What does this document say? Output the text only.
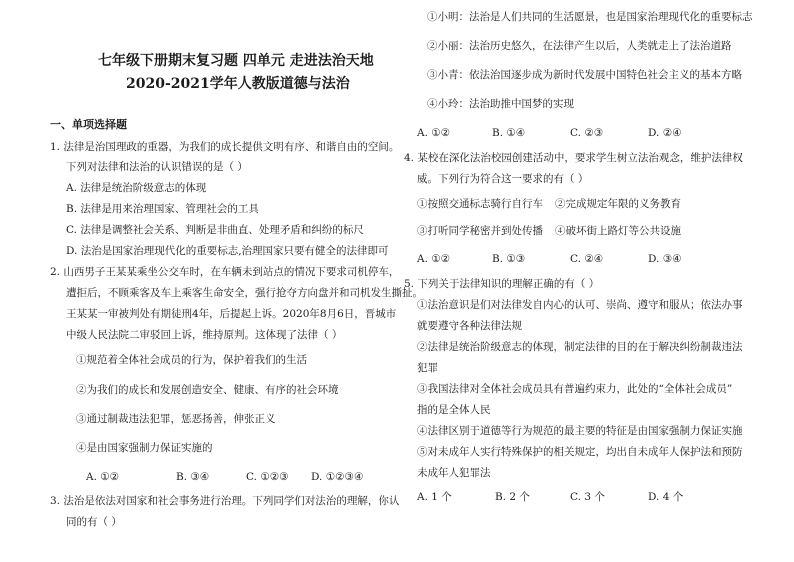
七年级下册期末复习题 四单元 走进法治天地
2020-2021学年人教版道德与法治
一、单项选择题
1. 法律是治国理政的重器，为我们的成长提供文明有序、和谐自由的空间。
下列对法律和法治的认识错误的是（ ）
A. 法律是统治阶级意志的体现
B. 法律是用来治理国家、管理社会的工具
C. 法律是调整社会关系、判断是非曲直、处理矛盾和纠纷的标尺
D. 法治是国家治理现代化的重要标志,治理国家只要有健全的法律即可
2. 山西男子王某某乘坐公交车时，在车辆未到站点的情况下要求司机停车，
遭拒后，不顾乘客及车上乘客生命安全，强行抢夺方向盘并和司机发生撕扯。
王某某一审被判处有期徒刑4年，后提起上诉。2020年8月6日，晋城市
中级人民法院二审驳回上诉，维持原判。这体现了法律（ ）
①规范着全体社会成员的行为，保护着我们的生活
②为我们的成长和发展创造安全、健康、有序的社会环境
③通过制裁违法犯罪，惩恶扬善，伸张正义
④是由国家强制力保证实施的
A. ①②	B. ③④	C. ①②③ D. ①②③④
3. 法治是依法对国家和社会事务进行治理。下列同学们对法治的理解，你认
同的有（ ）
①小明：法治是人们共同的生活愿景，也是国家治理现代化的重要标志
②小丽：法治历史悠久，在法律产生以后，人类就走上了法治道路
③小青：依法治国逐步成为新时代发展中国特色社会主义的基本方略
④小玲：法治助推中国梦的实现
A. ①②	B. ①④	C. ②③	D. ②④
4. 某校在深化法治校园创建活动中，要求学生树立法治观念，维护法律权
威。下列行为符合这一要求的有（ ）
①按照交通标志骑行自行车 ②完成规定年限的义务教育
③打听同学秘密并到处传播 ④破坏街上路灯等公共设施
A. ①②	B. ①③	C. ②④	D. ③④
5. 下列关于法律知识的理解正确的有（ ）
①法治意识是们对法律发自内心的认可、崇尚、遵守和服从；依法办事
就要遵守各种法律法规
②法律是统治阶级意志的体现，制定法律的目的在于解决纠纷制裁违法
犯罪
③我国法律对全体社会成员具有普遍约束力，此处的“全体社会成员”
指的是全体人民
④法律区别于道德等行为规范的最主要的特征是由国家强制力保证实施
⑤对未成年人实行特殊保护的相关规定，均出自未成年人保护法和预防
未成年人犯罪法
A. 1 个	B. 2 个	C. 3 个	D. 4 个
